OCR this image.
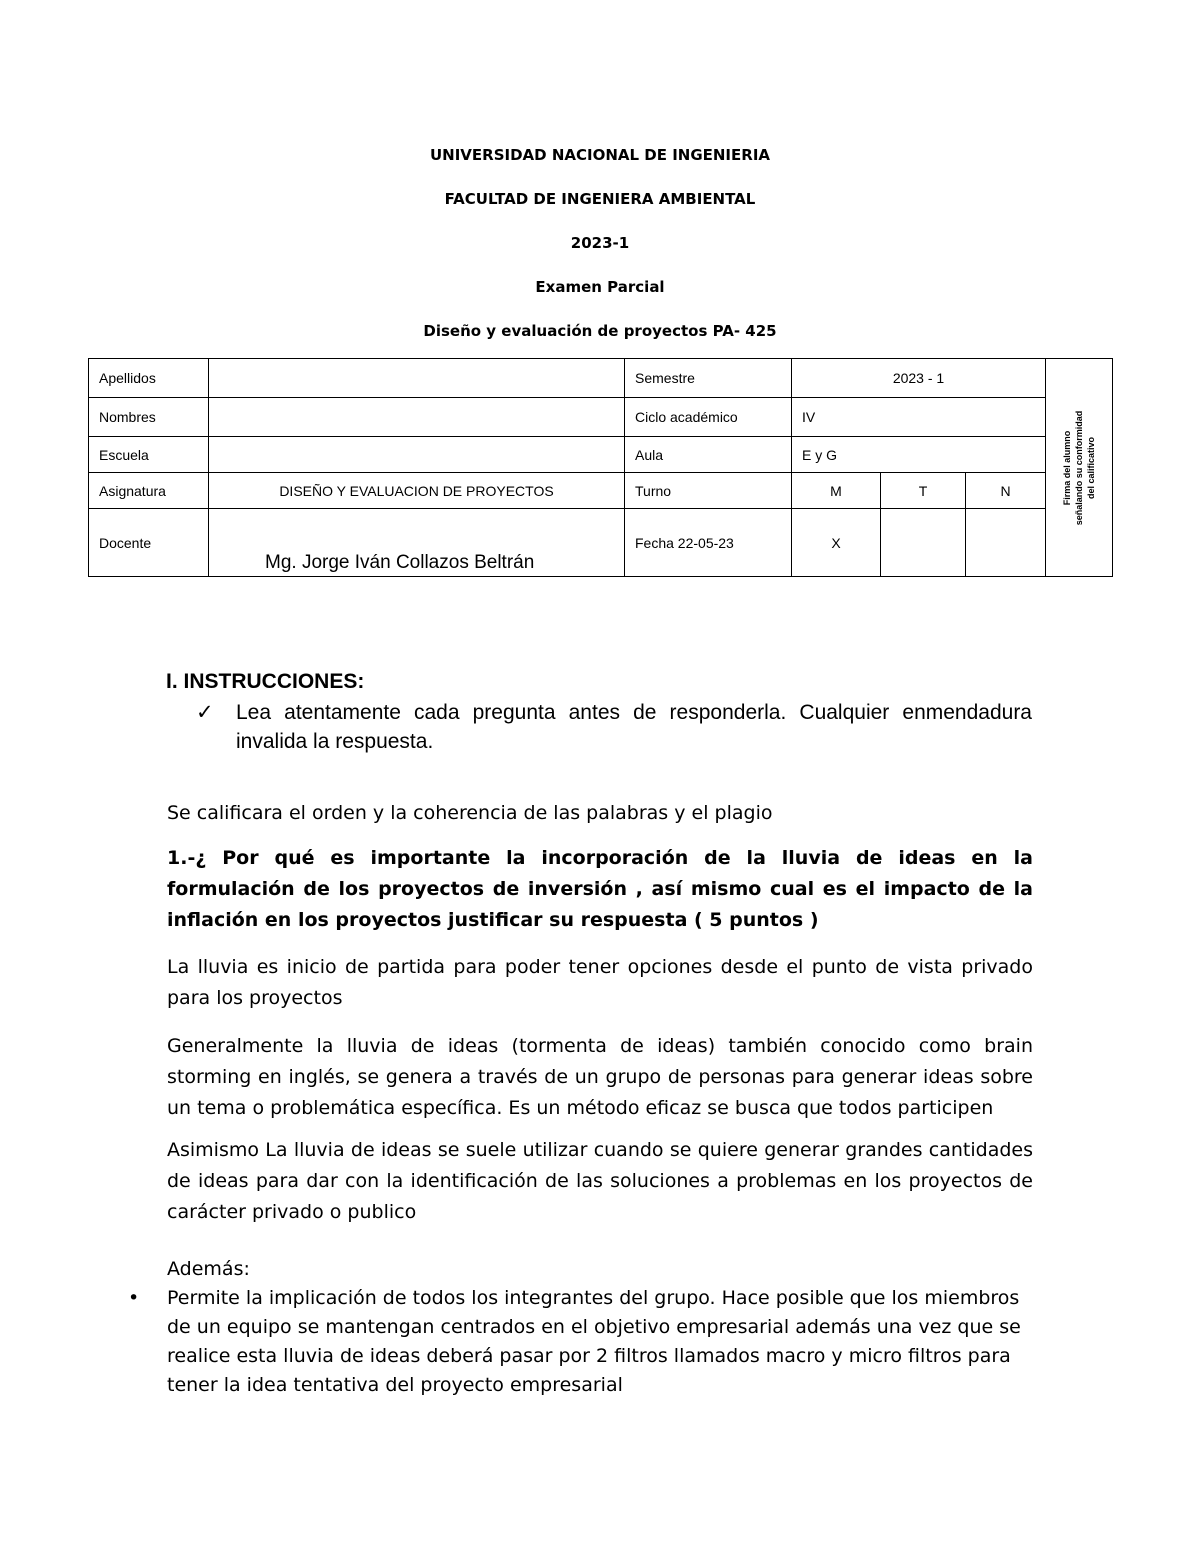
UNIVERSIDAD NACIONAL DE INGENIERIA
FACULTAD DE INGENIERA AMBIENTAL
2023-1
Examen Parcial
Diseño y evaluación de proyectos PA- 425
Apellidos		Semestre	2023 - 1			Firma del alumno señalando su conformidad del calificativo

Nombres		Ciclo académico	IV			
Escuela		Aula	E y G			
Asignatura	DISEÑO Y EVALUACION DE PROYECTOS	Turno	M	T	N	
Docente	Mg. Jorge Iván Collazos Beltrán	Fecha 22-05-23	X			
I. INSTRUCCIONES:
✓ Lea atentamente cada pregunta antes de responderla. Cualquier enmendadura invalida la respuesta.
Se calificara el orden y la coherencia de las palabras y el plagio
1.-¿ Por qué es importante la incorporación de la lluvia de ideas en la formulación de los proyectos de inversión , así mismo cual es el impacto de la inflación en los proyectos justificar su respuesta ( 5 puntos )
La lluvia es inicio de partida para poder tener opciones desde el punto de vista privado para los proyectos
Generalmente la lluvia de ideas (tormenta de ideas) también conocido como brain storming en inglés, se genera a través de un grupo de personas para generar ideas sobre un tema o problemática específica. Es un método eficaz se busca que todos participen
Asimismo La lluvia de ideas se suele utilizar cuando se quiere generar grandes cantidades de ideas para dar con la identificación de las soluciones a problemas en los proyectos de carácter privado o publico
Además:
• Permite la implicación de todos los integrantes del grupo. Hace posible que los miembros de un equipo se mantengan centrados en el objetivo empresarial además una vez que se realice esta lluvia de ideas deberá pasar por 2 filtros llamados macro y micro filtros para tener la idea tentativa del proyecto empresarial
